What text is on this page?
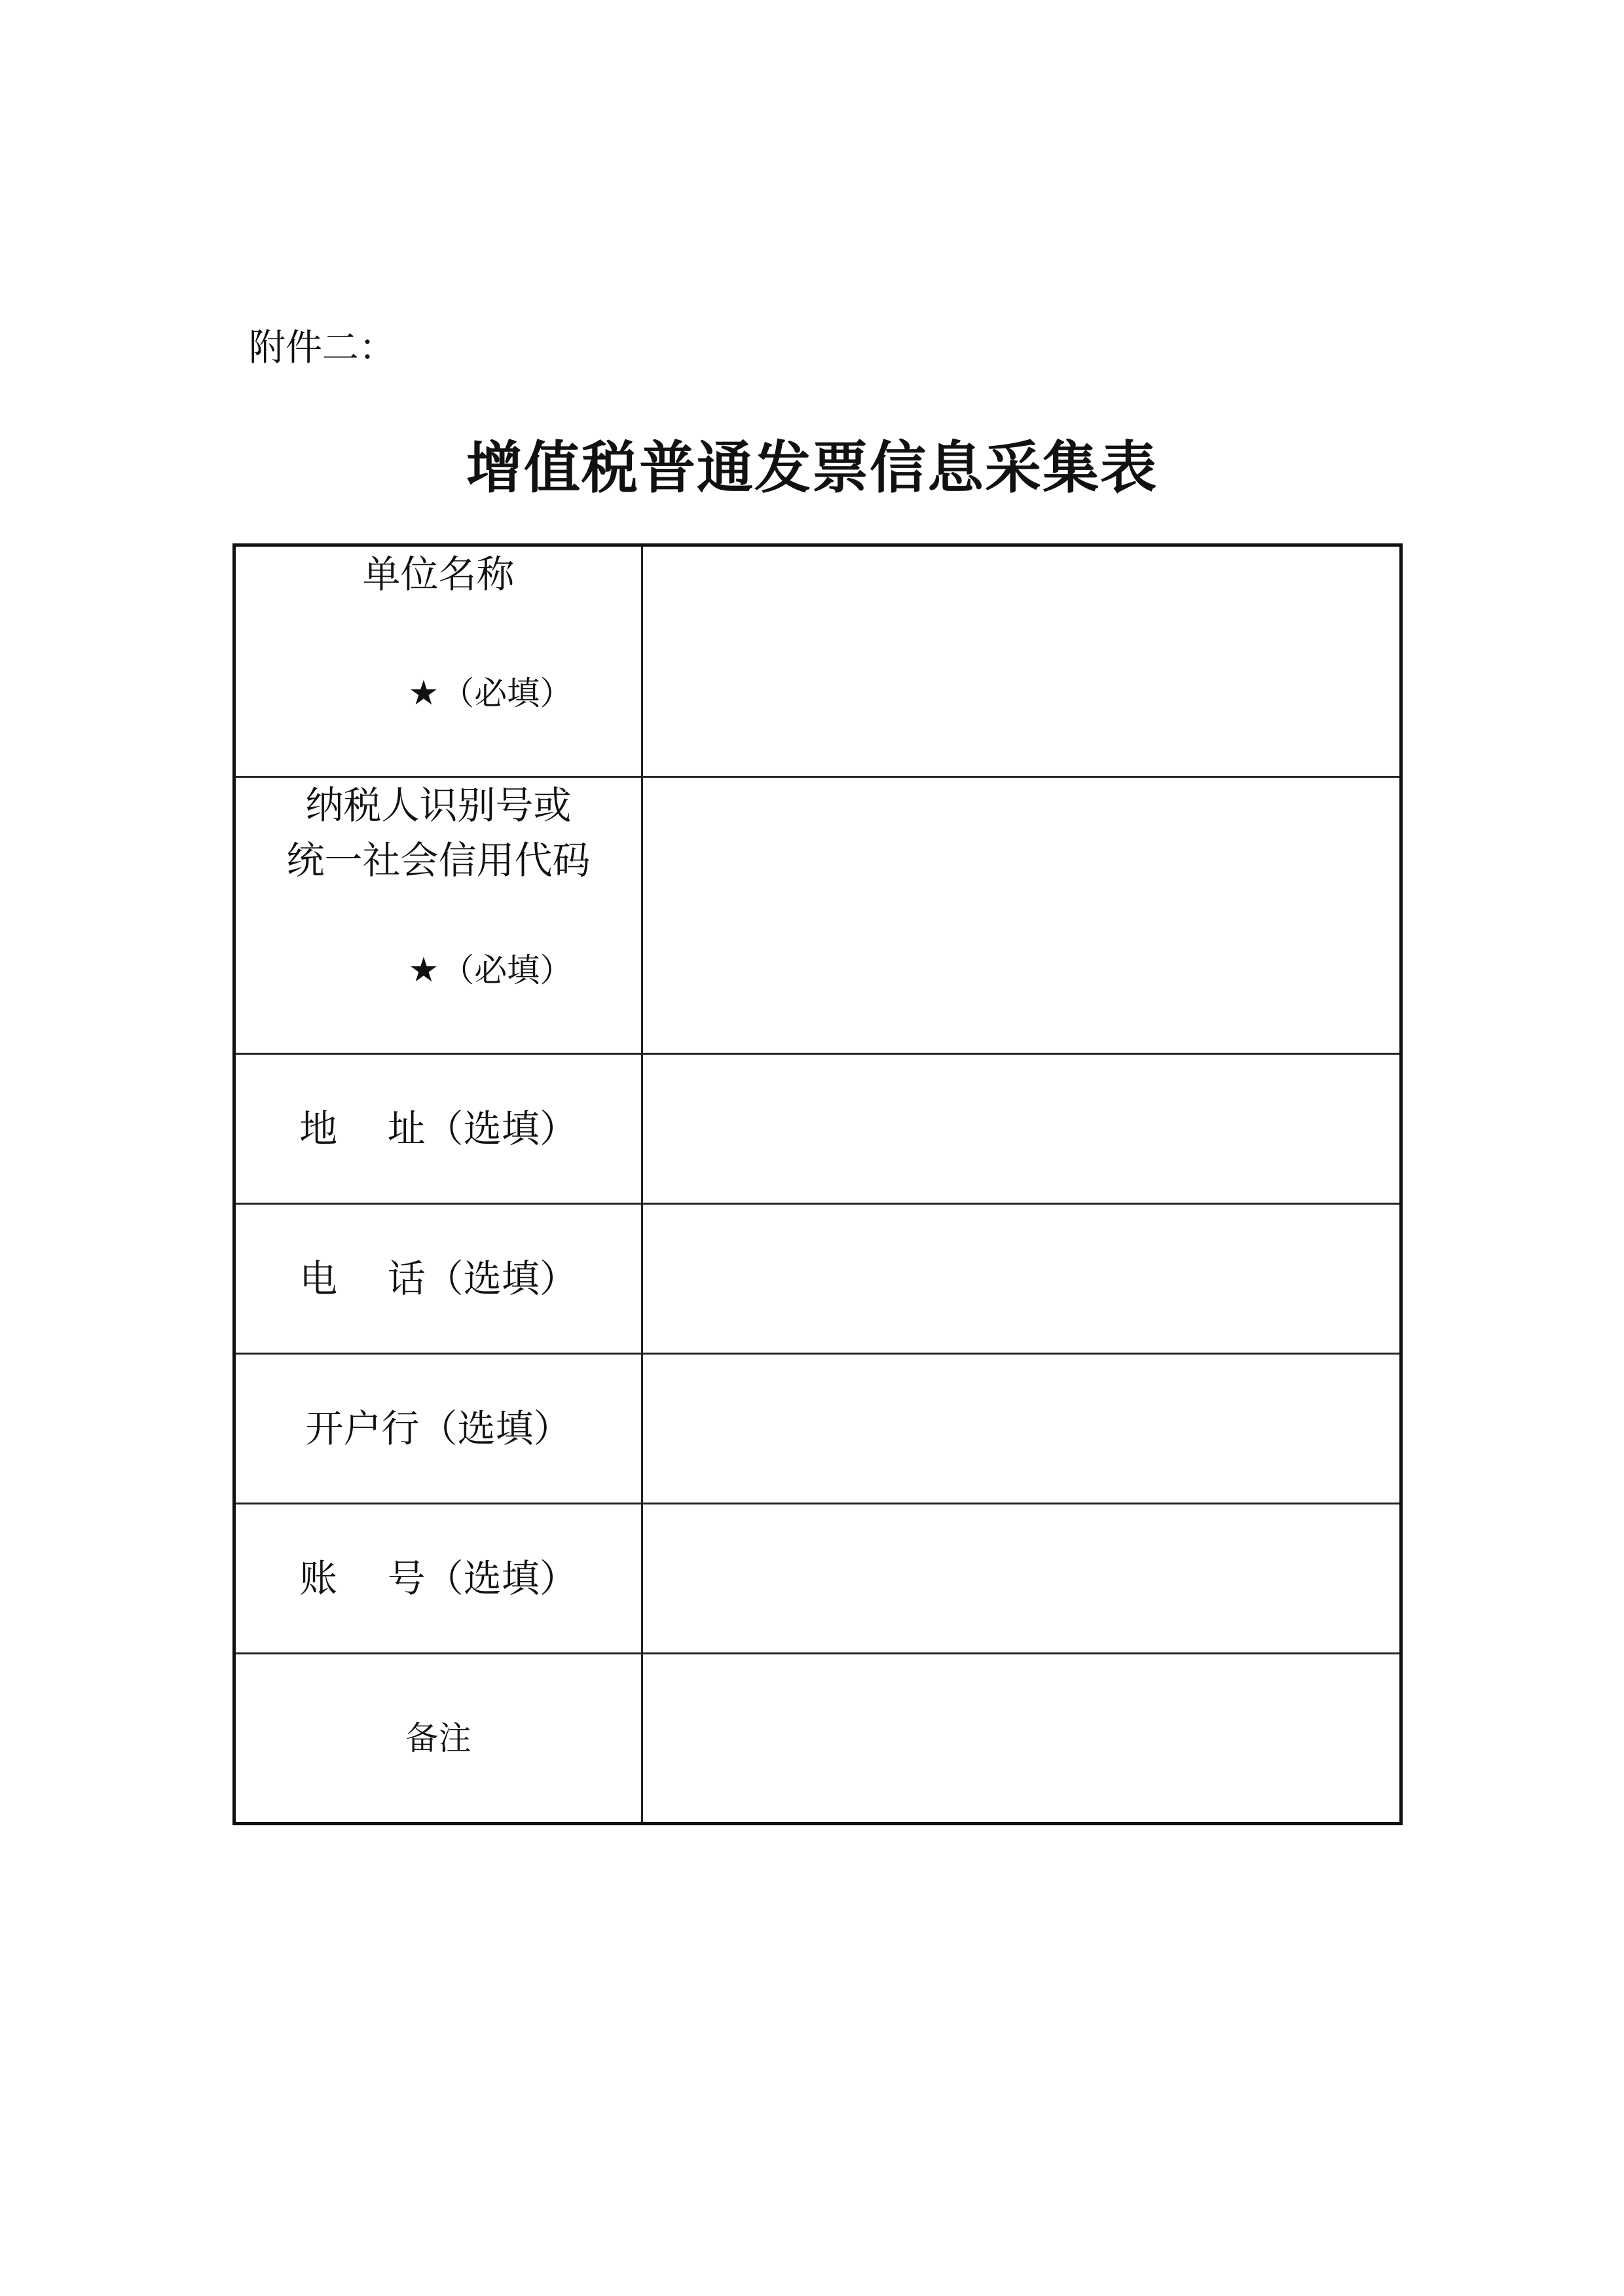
附件二：
增值税普通发票信息采集表
单位名称

★（必填）	

纳税人识别号或
统一社会信用代码

★（必填）	

地　 址（选填）	

电　 话（选填）	

开户行（选填）	

账　 号（选填）	

备注	
